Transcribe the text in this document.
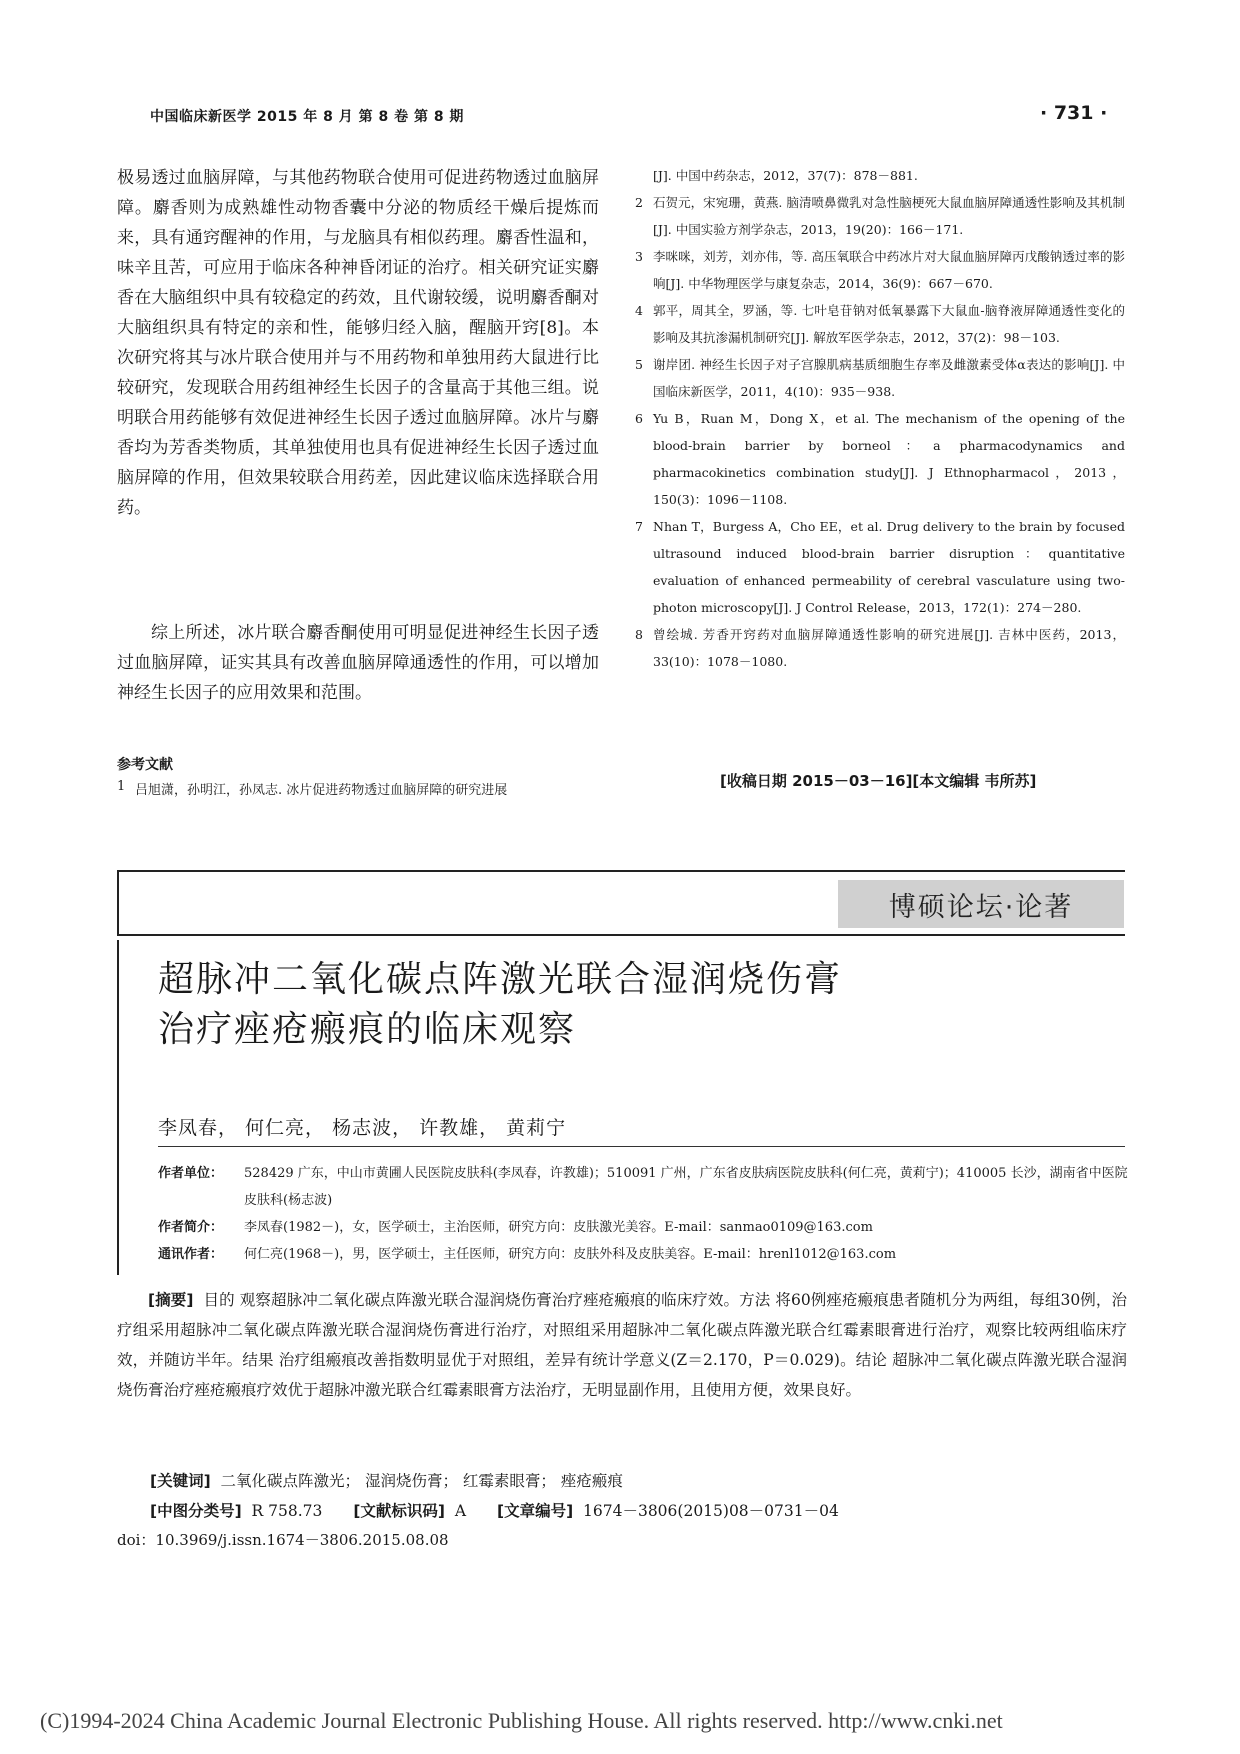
中国临床新医学 2015 年 8 月 第 8 卷 第 8 期	· 731 ·
极易透过血脑屏障，与其他药物联合使用可促进药物透过血脑屏障。麝香则为成熟雄性动物香囊中分泌的物质经干燥后提炼而来，具有通窍醒神的作用，与龙脑具有相似药理。麝香性温和，味辛且苦，可应用于临床各种神昏闭证的治疗。相关研究证实麝香在大脑组织中具有较稳定的药效，且代谢较缓，说明麝香酮对大脑组织具有特定的亲和性，能够归经入脑，醒脑开窍[8]。本次研究将其与冰片联合使用并与不用药物和单独用药大鼠进行比较研究，发现联合用药组神经生长因子的含量高于其他三组。说明联合用药能够有效促进神经生长因子透过血脑屏障。冰片与麝香均为芳香类物质，其单独使用也具有促进神经生长因子透过血脑屏障的作用，但效果较联合用药差，因此建议临床选择联合用药。

综上所述，冰片联合麝香酮使用可明显促进神经生长因子透过血脑屏障，证实其具有改善血脑屏障通透性的作用，可以增加神经生长因子的应用效果和范围。

参考文献
1 吕旭潇，孙明江，孙凤志. 冰片促进药物透过血脑屏障的研究进展
[J]. 中国中药杂志，2012，37(7)：878－881.
2 石贺元，宋宛珊，黄燕. 脑清喷鼻微乳对急性脑梗死大鼠血脑屏障通透性影响及其机制[J]. 中国实验方剂学杂志，2013，19(20)：166－171.
3 李咪咪，刘芳，刘亦伟，等. 高压氧联合中药冰片对大鼠血脑屏障丙戊酸钠透过率的影响[J]. 中华物理医学与康复杂志，2014，36(9)：667－670.
4 郭平，周其全，罗涵，等. 七叶皂苷钠对低氧暴露下大鼠血-脑脊液屏障通透性变化的影响及其抗渗漏机制研究[J]. 解放军医学杂志，2012，37(2)：98－103.
5 谢岸团. 神经生长因子对子宫腺肌病基质细胞生存率及雌激素受体α表达的影响[J]. 中国临床新医学，2011，4(10)：935－938.
6 Yu B，Ruan M，Dong X，et al. The mechanism of the opening of the blood-brain barrier by borneol：a pharmacodynamics and pharmacokinetics combination study[J]. J Ethnopharmacol，2013，150(3)：1096－1108.
7 Nhan T，Burgess A，Cho EE，et al. Drug delivery to the brain by focused ultrasound induced blood-brain barrier disruption：quantitative evaluation of enhanced permeability of cerebral vasculature using two-photon microscopy[J]. J Control Release，2013，172(1)：274－280.
8 曾绘城. 芳香开窍药对血脑屏障通透性影响的研究进展[J]. 吉林中医药，2013，33(10)：1078－1080.
[收稿日期 2015－03－16][本文编辑 韦所苏]
博硕论坛·论著
超脉冲二氧化碳点阵激光联合湿润烧伤膏
治疗痤疮瘢痕的临床观察
李凤春， 何仁亮， 杨志波， 许教雄， 黄莉宁
作者单位：	528429 广东，中山市黄圃人民医院皮肤科(李凤春，许教雄)；510091 广州，广东省皮肤病医院皮肤科(何仁亮，黄莉宁)；410005 长沙，湖南省中医院皮肤科(杨志波)
作者简介：	李凤春(1982－)，女，医学硕士，主治医师，研究方向：皮肤激光美容。E-mail：sanmao0109@163.com
通讯作者：	何仁亮(1968－)，男，医学硕士，主任医师，研究方向：皮肤外科及皮肤美容。E-mail：hrenl1012@163.com

[摘要] 目的 观察超脉冲二氧化碳点阵激光联合湿润烧伤膏治疗痤疮瘢痕的临床疗效。方法 将60例痤疮瘢痕患者随机分为两组，每组30例，治疗组采用超脉冲二氧化碳点阵激光联合湿润烧伤膏进行治疗，对照组采用超脉冲二氧化碳点阵激光联合红霉素眼膏进行治疗，观察比较两组临床疗效，并随访半年。结果 治疗组瘢痕改善指数明显优于对照组，差异有统计学意义(Z＝2.170，P＝0.029)。结论 超脉冲二氧化碳点阵激光联合湿润烧伤膏治疗痤疮瘢痕疗效优于超脉冲激光联合红霉素眼膏方法治疗，无明显副作用，且使用方便，效果良好。

[关键词] 二氧化碳点阵激光； 湿润烧伤膏； 红霉素眼膏； 痤疮瘢痕
[中图分类号] R 758.73 [文献标识码] A [文章编号] 1674－3806(2015)08－0731－04
doi：10.3969/j.issn.1674－3806.2015.08.08
(C)1994-2024 China Academic Journal Electronic Publishing House. All rights reserved. http://www.cnki.net
